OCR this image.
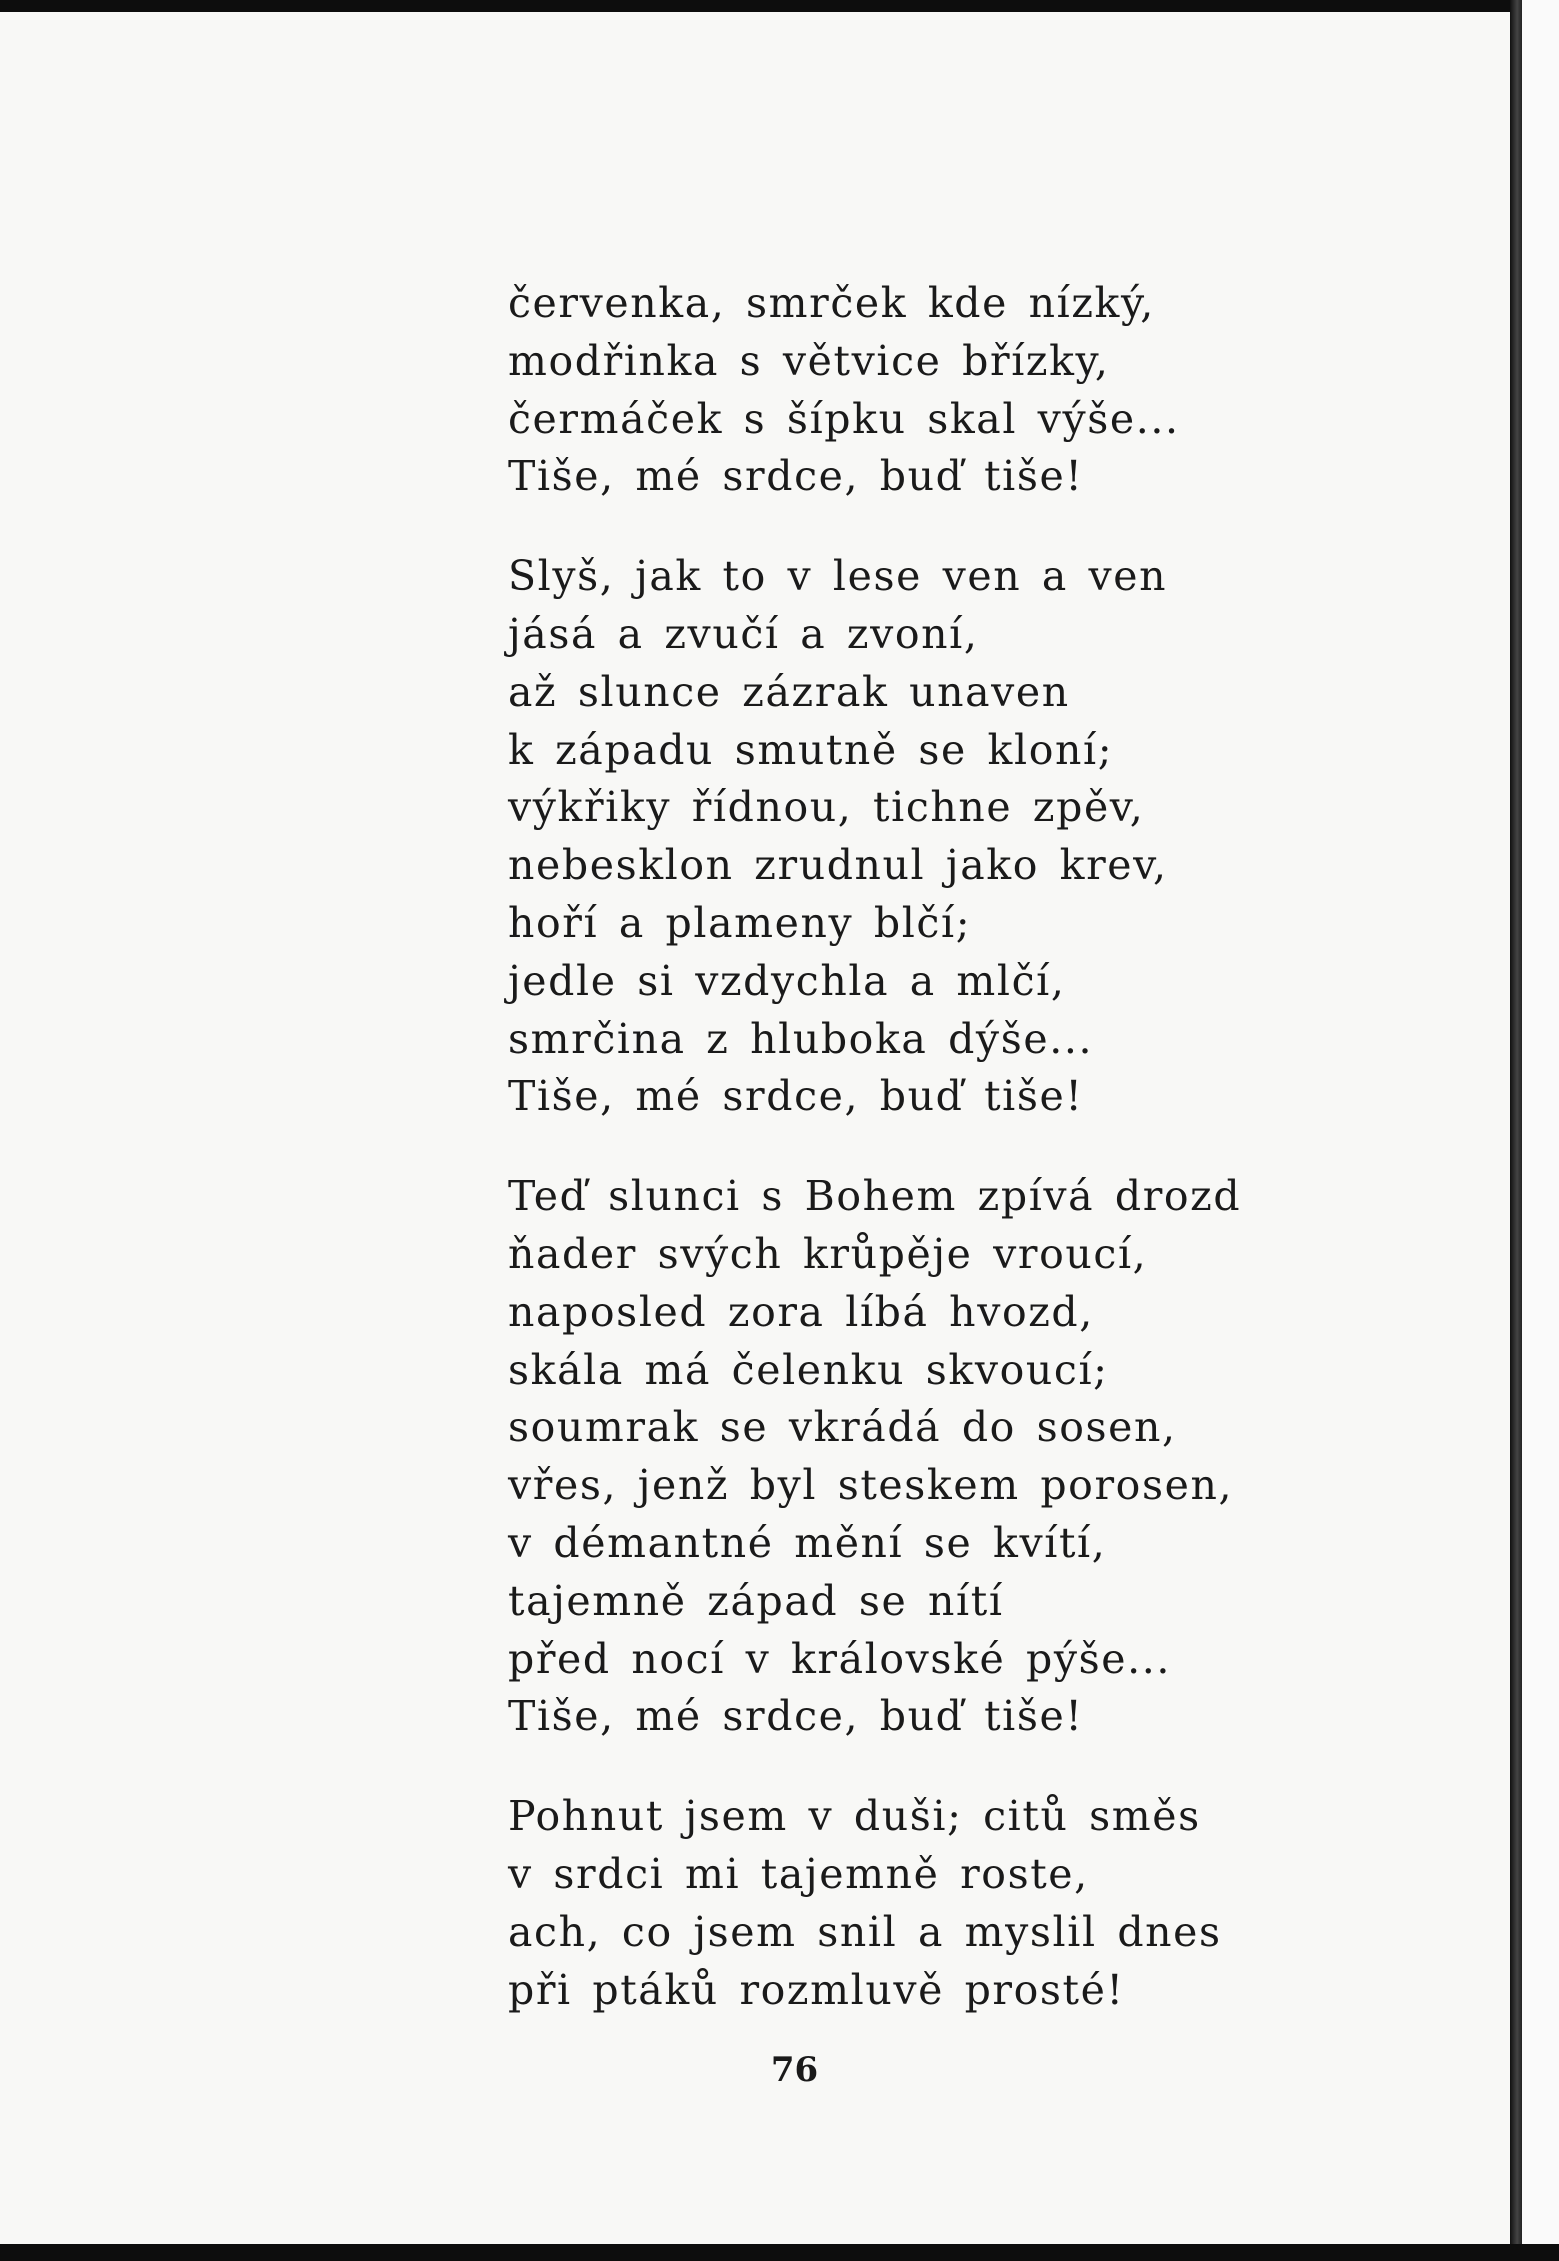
červenka, smrček kde nízký,
modřinka s větvice břízky,
čermáček s šípku skal výše...
Tiše, mé srdce, buď tiše!
Slyš, jak to v lese ven a ven
jásá a zvučí a zvoní,
až slunce zázrak unaven
k západu smutně se kloní;
výkřiky řídnou, tichne zpěv,
nebesklon zrudnul jako krev,
hoří a plameny blčí;
jedle si vzdychla a mlčí,
smrčina z hluboka dýše...
Tiše, mé srdce, buď tiše!
Teď slunci s Bohem zpívá drozd
ňader svých krůpěje vroucí,
naposled zora líbá hvozd,
skála má čelenku skvoucí;
soumrak se vkrádá do sosen,
vřes, jenž byl steskem porosen,
v démantné mění se kvítí,
tajemně západ se nítí
před nocí v královské pýše...
Tiše, mé srdce, buď tiše!
Pohnut jsem v duši; citů směs
v srdci mi tajemně roste,
ach, co jsem snil a myslil dnes
při ptáků rozmluvě prosté!
76
